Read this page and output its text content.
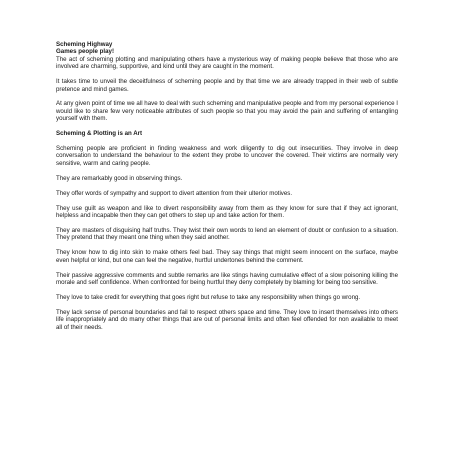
Scheming Highway
Games people play!

The act of scheming plotting and manipulating others have a mysterious way of making people believe that those who are involved are charming, supportive, and kind until they are caught in the moment.

It takes time to unveil the deceitfulness of scheming people and by that time we are already trapped in their web of subtle pretence and mind games.

At any given point of time we all have to deal with such scheming and manipulative people and from my personal experience I would like to share few very noticeable attributes of such people so that you may avoid the pain and suffering of entangling yourself with them.

Scheming & Plotting is an Art

Scheming people are proficient in finding weakness and work diligently to dig out insecurities. They involve in deep conversation to understand the behaviour to the extent they probe to uncover the covered. Their victims are normally very sensitive, warm and caring people.

They are remarkably good in observing things.

They offer words of sympathy and support to divert attention from their ulterior motives.

They use guilt as weapon and like to divert responsibility away from them as they know for sure that if they act ignorant, helpless and incapable then they can get others to step up and take action for them.

They are masters of disguising half truths. They twist their own words to lend an element of doubt or confusion to a situation. They pretend that they meant one thing when they said another.

They know how to dig into skin to make others feel bad. They say things that might seem innocent on the surface, maybe even helpful or kind, but one can feel the negative, hurtful undertones behind the comment.

Their passive aggressive comments and subtle remarks are like stings having cumulative effect of a slow poisoning killing the morale and self confidence. When confronted for being hurtful they deny completely by blaming for being too sensitive.

They love to take credit for everything that goes right but refuse to take any responsibility when things go wrong.

They lack sense of personal boundaries and fail to respect others space and time. They love to insert themselves into others life inappropriately and do many other things that are out of personal limits and often feel offended for non available to meet all of their needs.
